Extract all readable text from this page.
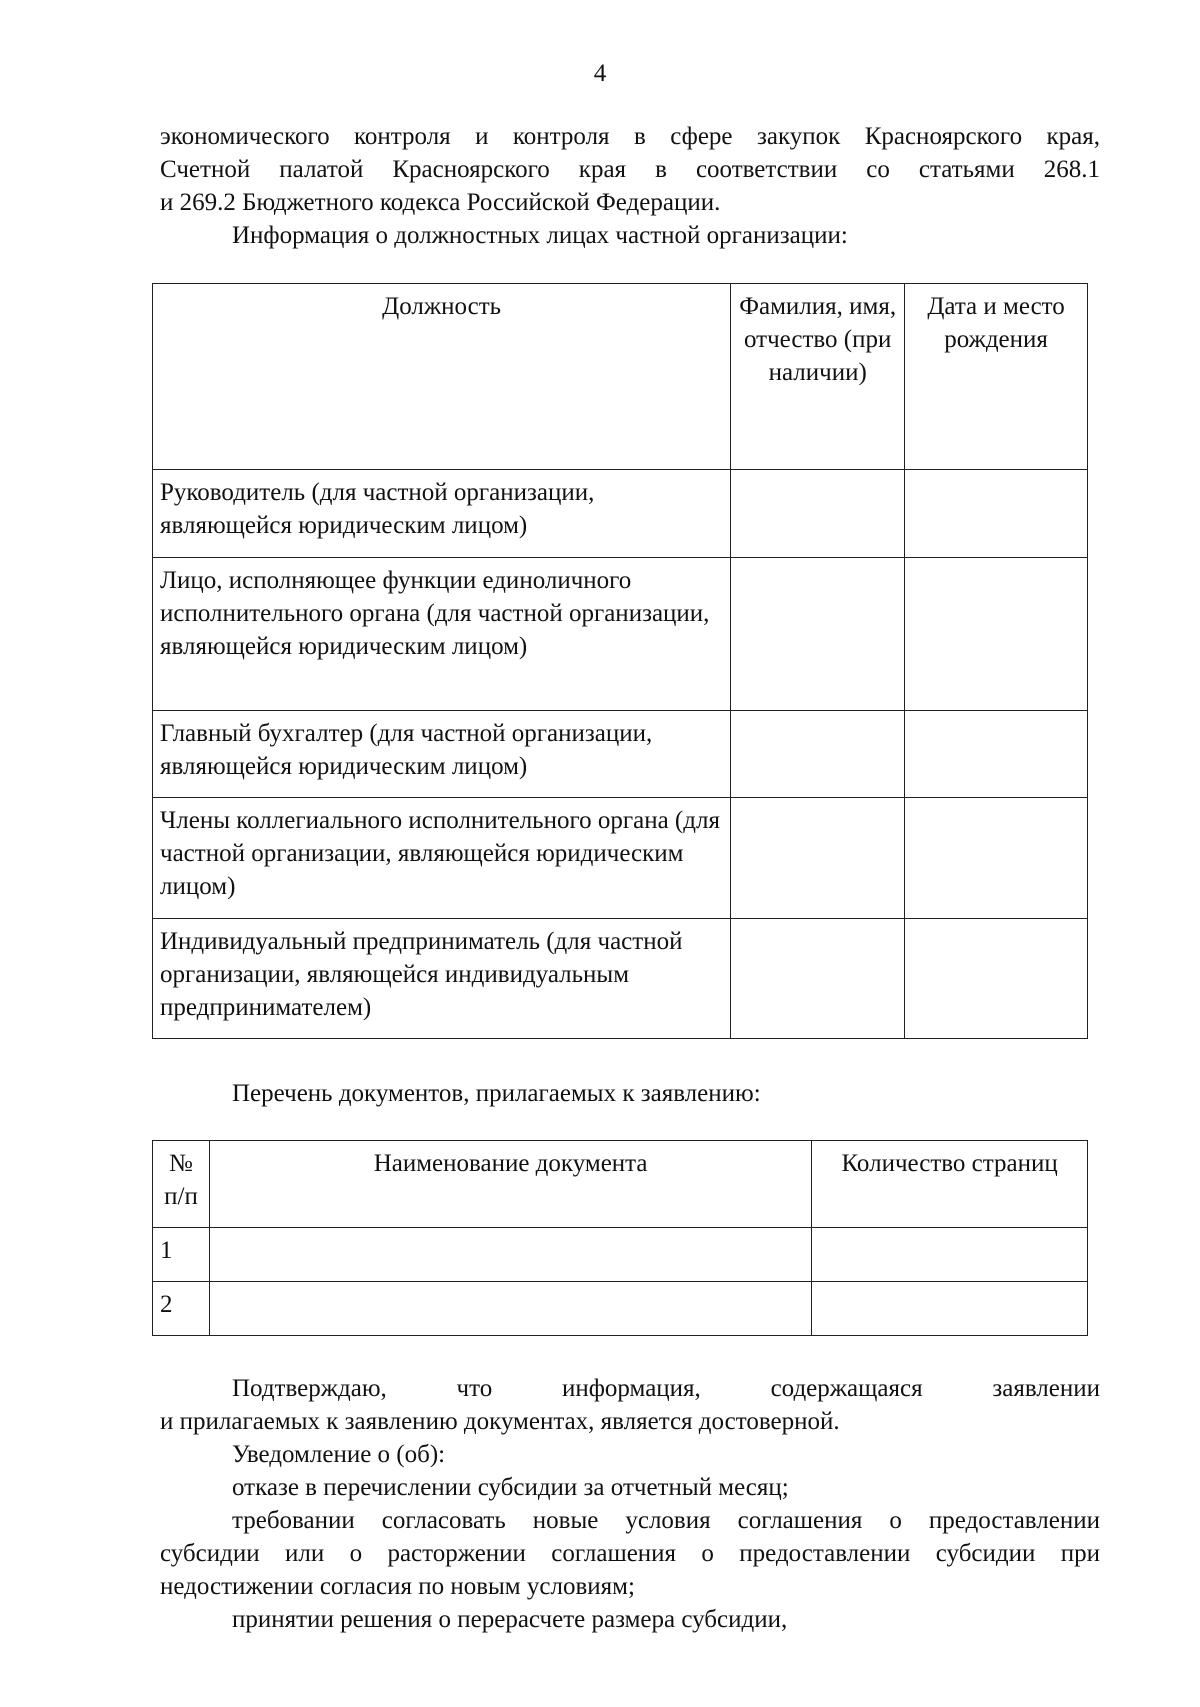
4
экономического контроля и контроля в сфере закупок Красноярского края,
Счетной палатой Красноярского края в соответствии со статьями 268.1
и 269.2 Бюджетного кодекса Российской Федерации.
Информация о должностных лицах частной организации:
Должность	Фамилия, имя, отчество (при наличии)	Дата и место рождения
Руководитель (для частной организации, являющейся юридическим лицом)		
Лицо, исполняющее функции единоличного исполнительного органа (для частной организации, являющейся юридическим лицом)		
Главный бухгалтер (для частной организации, являющейся юридическим лицом)		
Члены коллегиального исполнительного органа (для частной организации, являющейся юридическим лицом)		
Индивидуальный предприниматель (для частной организации, являющейся индивидуальным предпринимателем)		
Перечень документов, прилагаемых к заявлению:
№ п/п	Наименование документа	Количество страниц
1		
2		
Подтверждаю, что информация, содержащаяся заявлении
и прилагаемых к заявлению документах, является достоверной.
Уведомление о (об):
отказе в перечислении субсидии за отчетный месяц;
требовании согласовать новые условия соглашения о предоставлении
субсидии или о расторжении соглашения о предоставлении субсидии при
недостижении согласия по новым условиям;
принятии решения о перерасчете размера субсидии,
